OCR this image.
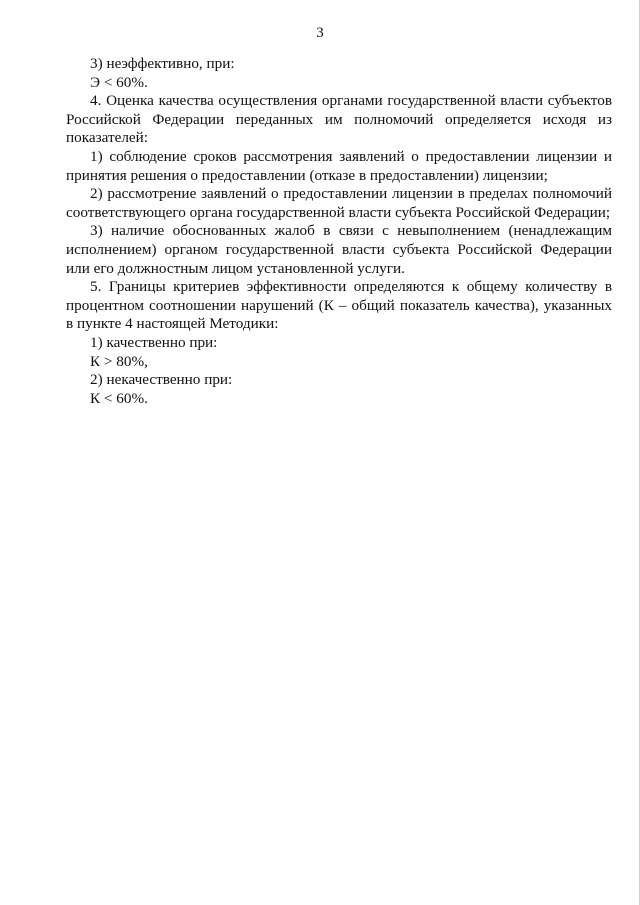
3

3) неэффективно, при:

Э < 60%.

4. Оценка качества осуществления органами государственной власти субъектов Российской Федерации переданных им полномочий определяется исходя из показателей:

1) соблюдение сроков рассмотрения заявлений о предоставлении лицензии и принятия решения о предоставлении (отказе в предоставлении) лицензии;

2) рассмотрение заявлений о предоставлении лицензии в пределах полномочий соответствующего органа государственной власти субъекта Российской Федерации;

3) наличие обоснованных жалоб в связи с невыполнением (ненадлежащим исполнением) органом государственной власти субъекта Российской Федерации или его должностным лицом установленной услуги.

5. Границы критериев эффективности определяются к общему количеству в процентном соотношении нарушений (К – общий показатель качества), указанных в пункте 4 настоящей Методики:

1) качественно при:

К > 80%,

2) некачественно при:

К < 60%.
